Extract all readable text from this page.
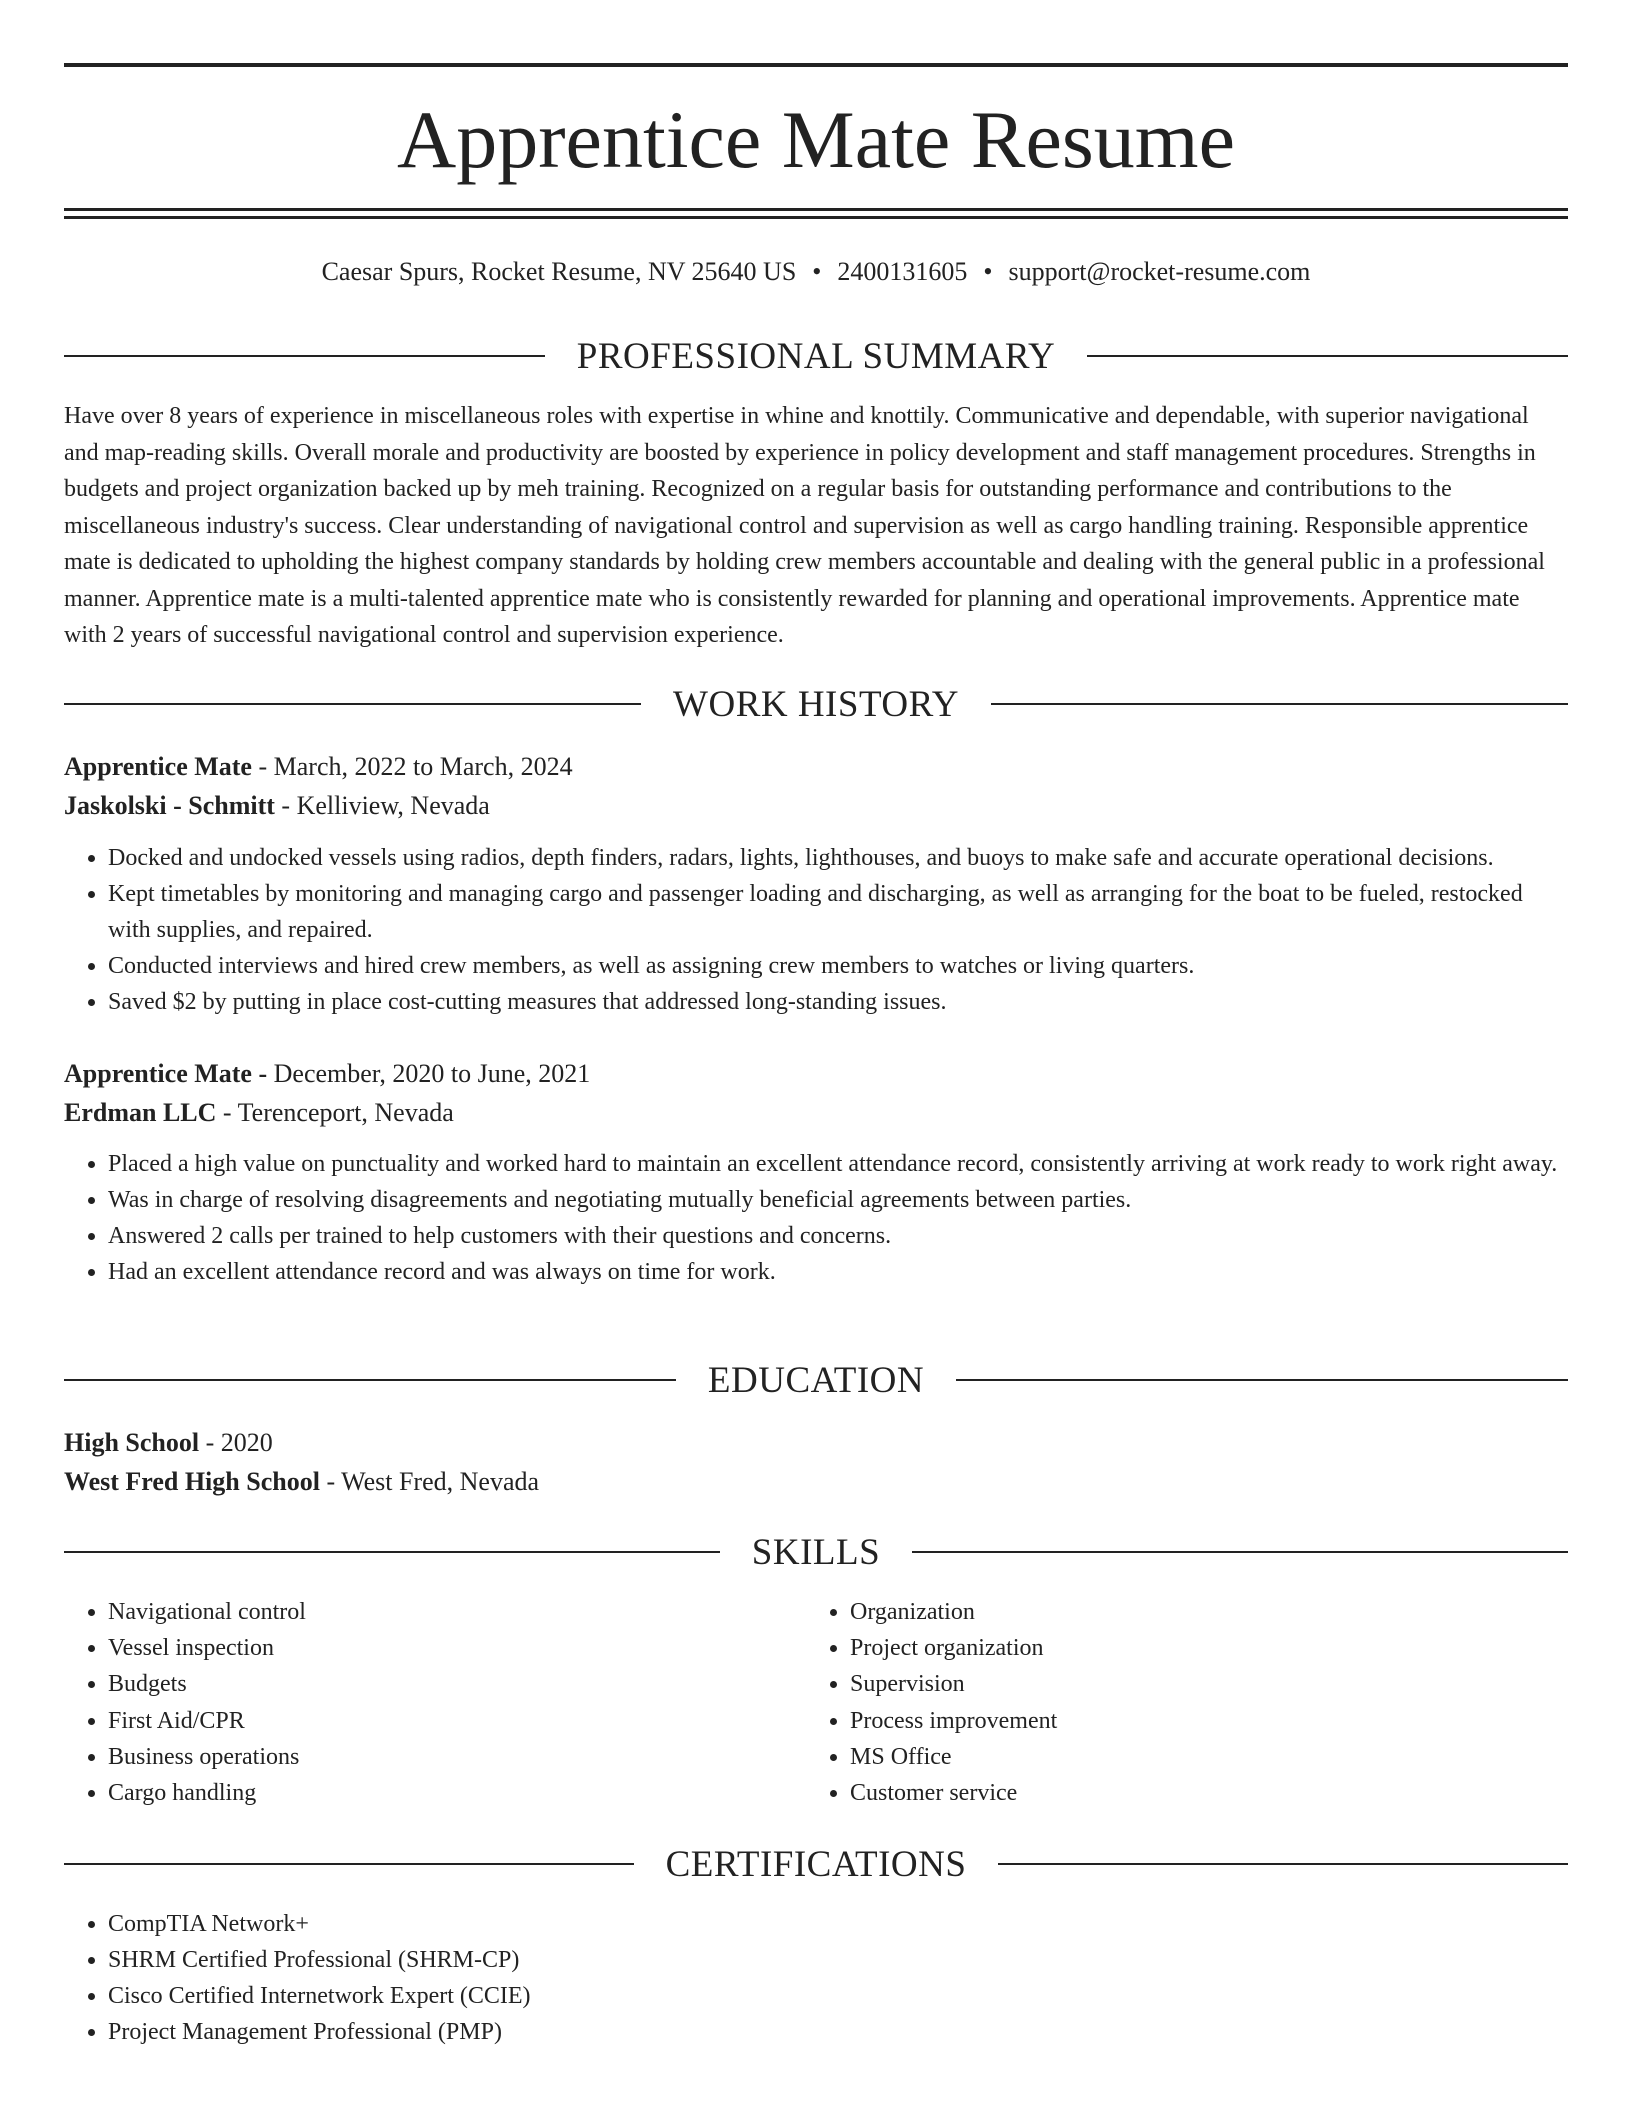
Apprentice Mate Resume
Caesar Spurs, Rocket Resume, NV 25640 US • 2400131605 • support@rocket-resume.com
PROFESSIONAL SUMMARY

Have over 8 years of experience in miscellaneous roles with expertise in whine and knottily. Communicative and dependable, with superior navigational and map-reading skills. Overall morale and productivity are boosted by experience in policy development and staff management procedures. Strengths in budgets and project organization backed up by meh training. Recognized on a regular basis for outstanding performance and contributions to the miscellaneous industry's success. Clear understanding of navigational control and supervision as well as cargo handling training. Responsible apprentice mate is dedicated to upholding the highest company standards by holding crew members accountable and dealing with the general public in a professional manner. Apprentice mate is a multi-talented apprentice mate who is consistently rewarded for planning and operational improvements. Apprentice mate with 2 years of successful navigational control and supervision experience.

WORK HISTORY
Apprentice Mate - March, 2022 to March, 2024
Jaskolski - Schmitt - Kelliview, Nevada
• Docked and undocked vessels using radios, depth finders, radars, lights, lighthouses, and buoys to make safe and accurate operational decisions.
• Kept timetables by monitoring and managing cargo and passenger loading and discharging, as well as arranging for the boat to be fueled, restocked with supplies, and repaired.
• Conducted interviews and hired crew members, as well as assigning crew members to watches or living quarters.
• Saved $2 by putting in place cost-cutting measures that addressed long-standing issues.
Apprentice Mate - December, 2020 to June, 2021
Erdman LLC - Terenceport, Nevada
• Placed a high value on punctuality and worked hard to maintain an excellent attendance record, consistently arriving at work ready to work right away.
• Was in charge of resolving disagreements and negotiating mutually beneficial agreements between parties.
• Answered 2 calls per trained to help customers with their questions and concerns.
• Had an excellent attendance record and was always on time for work.
EDUCATION
High School - 2020
West Fred High School - West Fred, Nevada
SKILLS
• Navigational control
• Vessel inspection
• Budgets
• First Aid/CPR
• Business operations
• Cargo handling
• Organization
• Project organization
• Supervision
• Process improvement
• MS Office
• Customer service
CERTIFICATIONS
• CompTIA Network+
• SHRM Certified Professional (SHRM-CP)
• Cisco Certified Internetwork Expert (CCIE)
• Project Management Professional (PMP)
